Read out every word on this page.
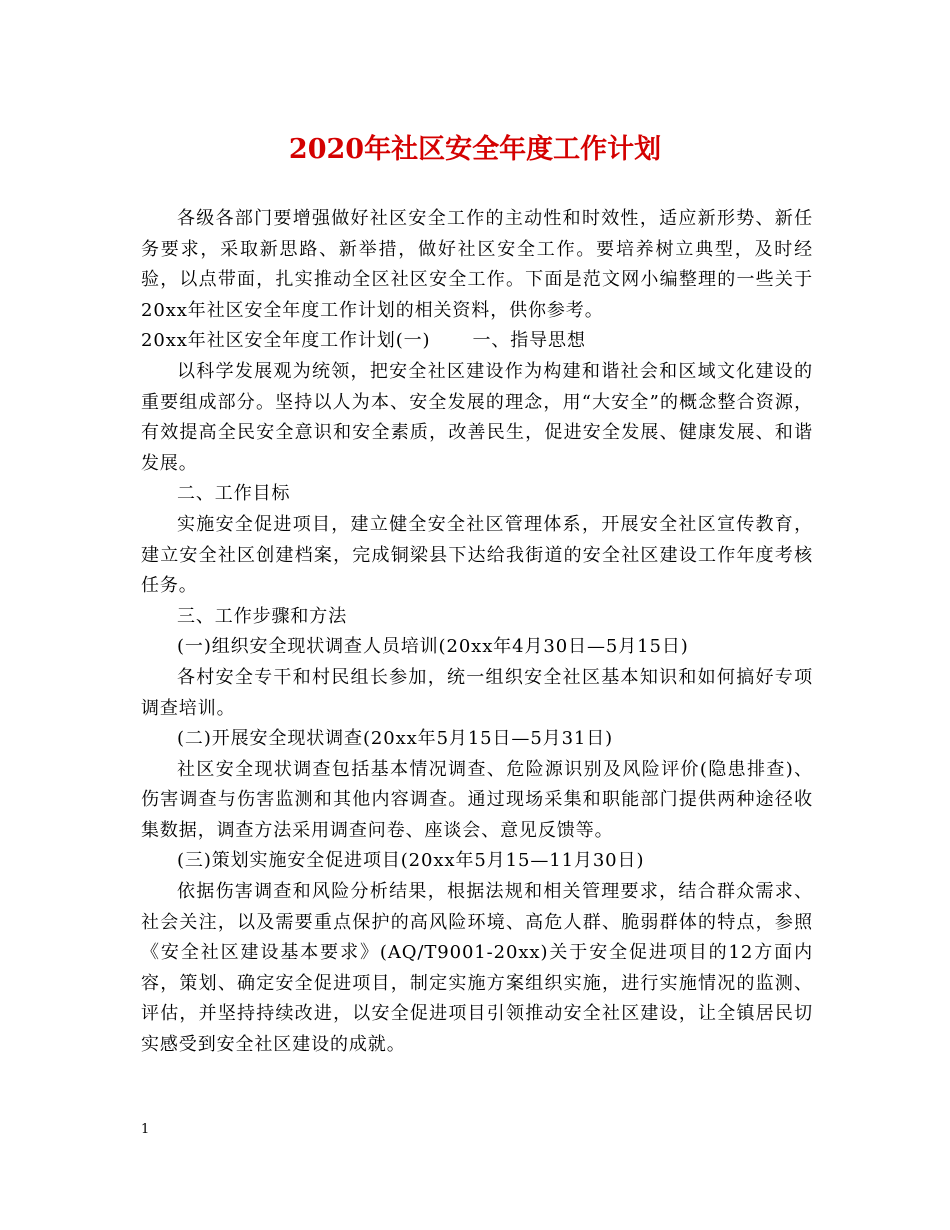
2020年社区安全年度工作计划

各级各部门要增强做好社区安全工作的主动性和时效性，适应新形势、新任务要求，采取新思路、新举措，做好社区安全工作。要培养树立典型，及时经验，以点带面，扎实推动全区社区安全工作。下面是范文网小编整理的一些关于 20xx年社区安全年度工作计划的相关资料，供你参考。

20xx年社区安全年度工作计划(一) 一、指导思想

以科学发展观为统领，把安全社区建设作为构建和谐社会和区域文化建设的重要组成部分。坚持以人为本、安全发展的理念，用“大安全”的概念整合资源，有效提高全民安全意识和安全素质，改善民生，促进安全发展、健康发展、和谐发展。

二、工作目标

实施安全促进项目，建立健全安全社区管理体系，开展安全社区宣传教育，建立安全社区创建档案，完成铜梁县下达给我街道的安全社区建设工作年度考核任务。

三、工作步骤和方法

(一)组织安全现状调查人员培训(20xx年4月30日—5月15日)

各村安全专干和村民组长参加，统一组织安全社区基本知识和如何搞好专项调查培训。

(二)开展安全现状调查(20xx年5月15日—5月31日)

社区安全现状调查包括基本情况调查、危险源识别及风险评价(隐患排查)、伤害调查与伤害监测和其他内容调查。通过现场采集和职能部门提供两种途径收集数据，调查方法采用调查问卷、座谈会、意见反馈等。

(三)策划实施安全促进项目(20xx年5月15—11月30日)

依据伤害调查和风险分析结果，根据法规和相关管理要求，结合群众需求、社会关注，以及需要重点保护的高风险环境、高危人群、脆弱群体的特点，参照《安全社区建设基本要求》(AQ/T9001-20xx)关于安全促进项目的12方面内容，策划、确定安全促进项目，制定实施方案组织实施，进行实施情况的监测、评估，并坚持持续改进，以安全促进项目引领推动安全社区建设，让全镇居民切实感受到安全社区建设的成就。

1
